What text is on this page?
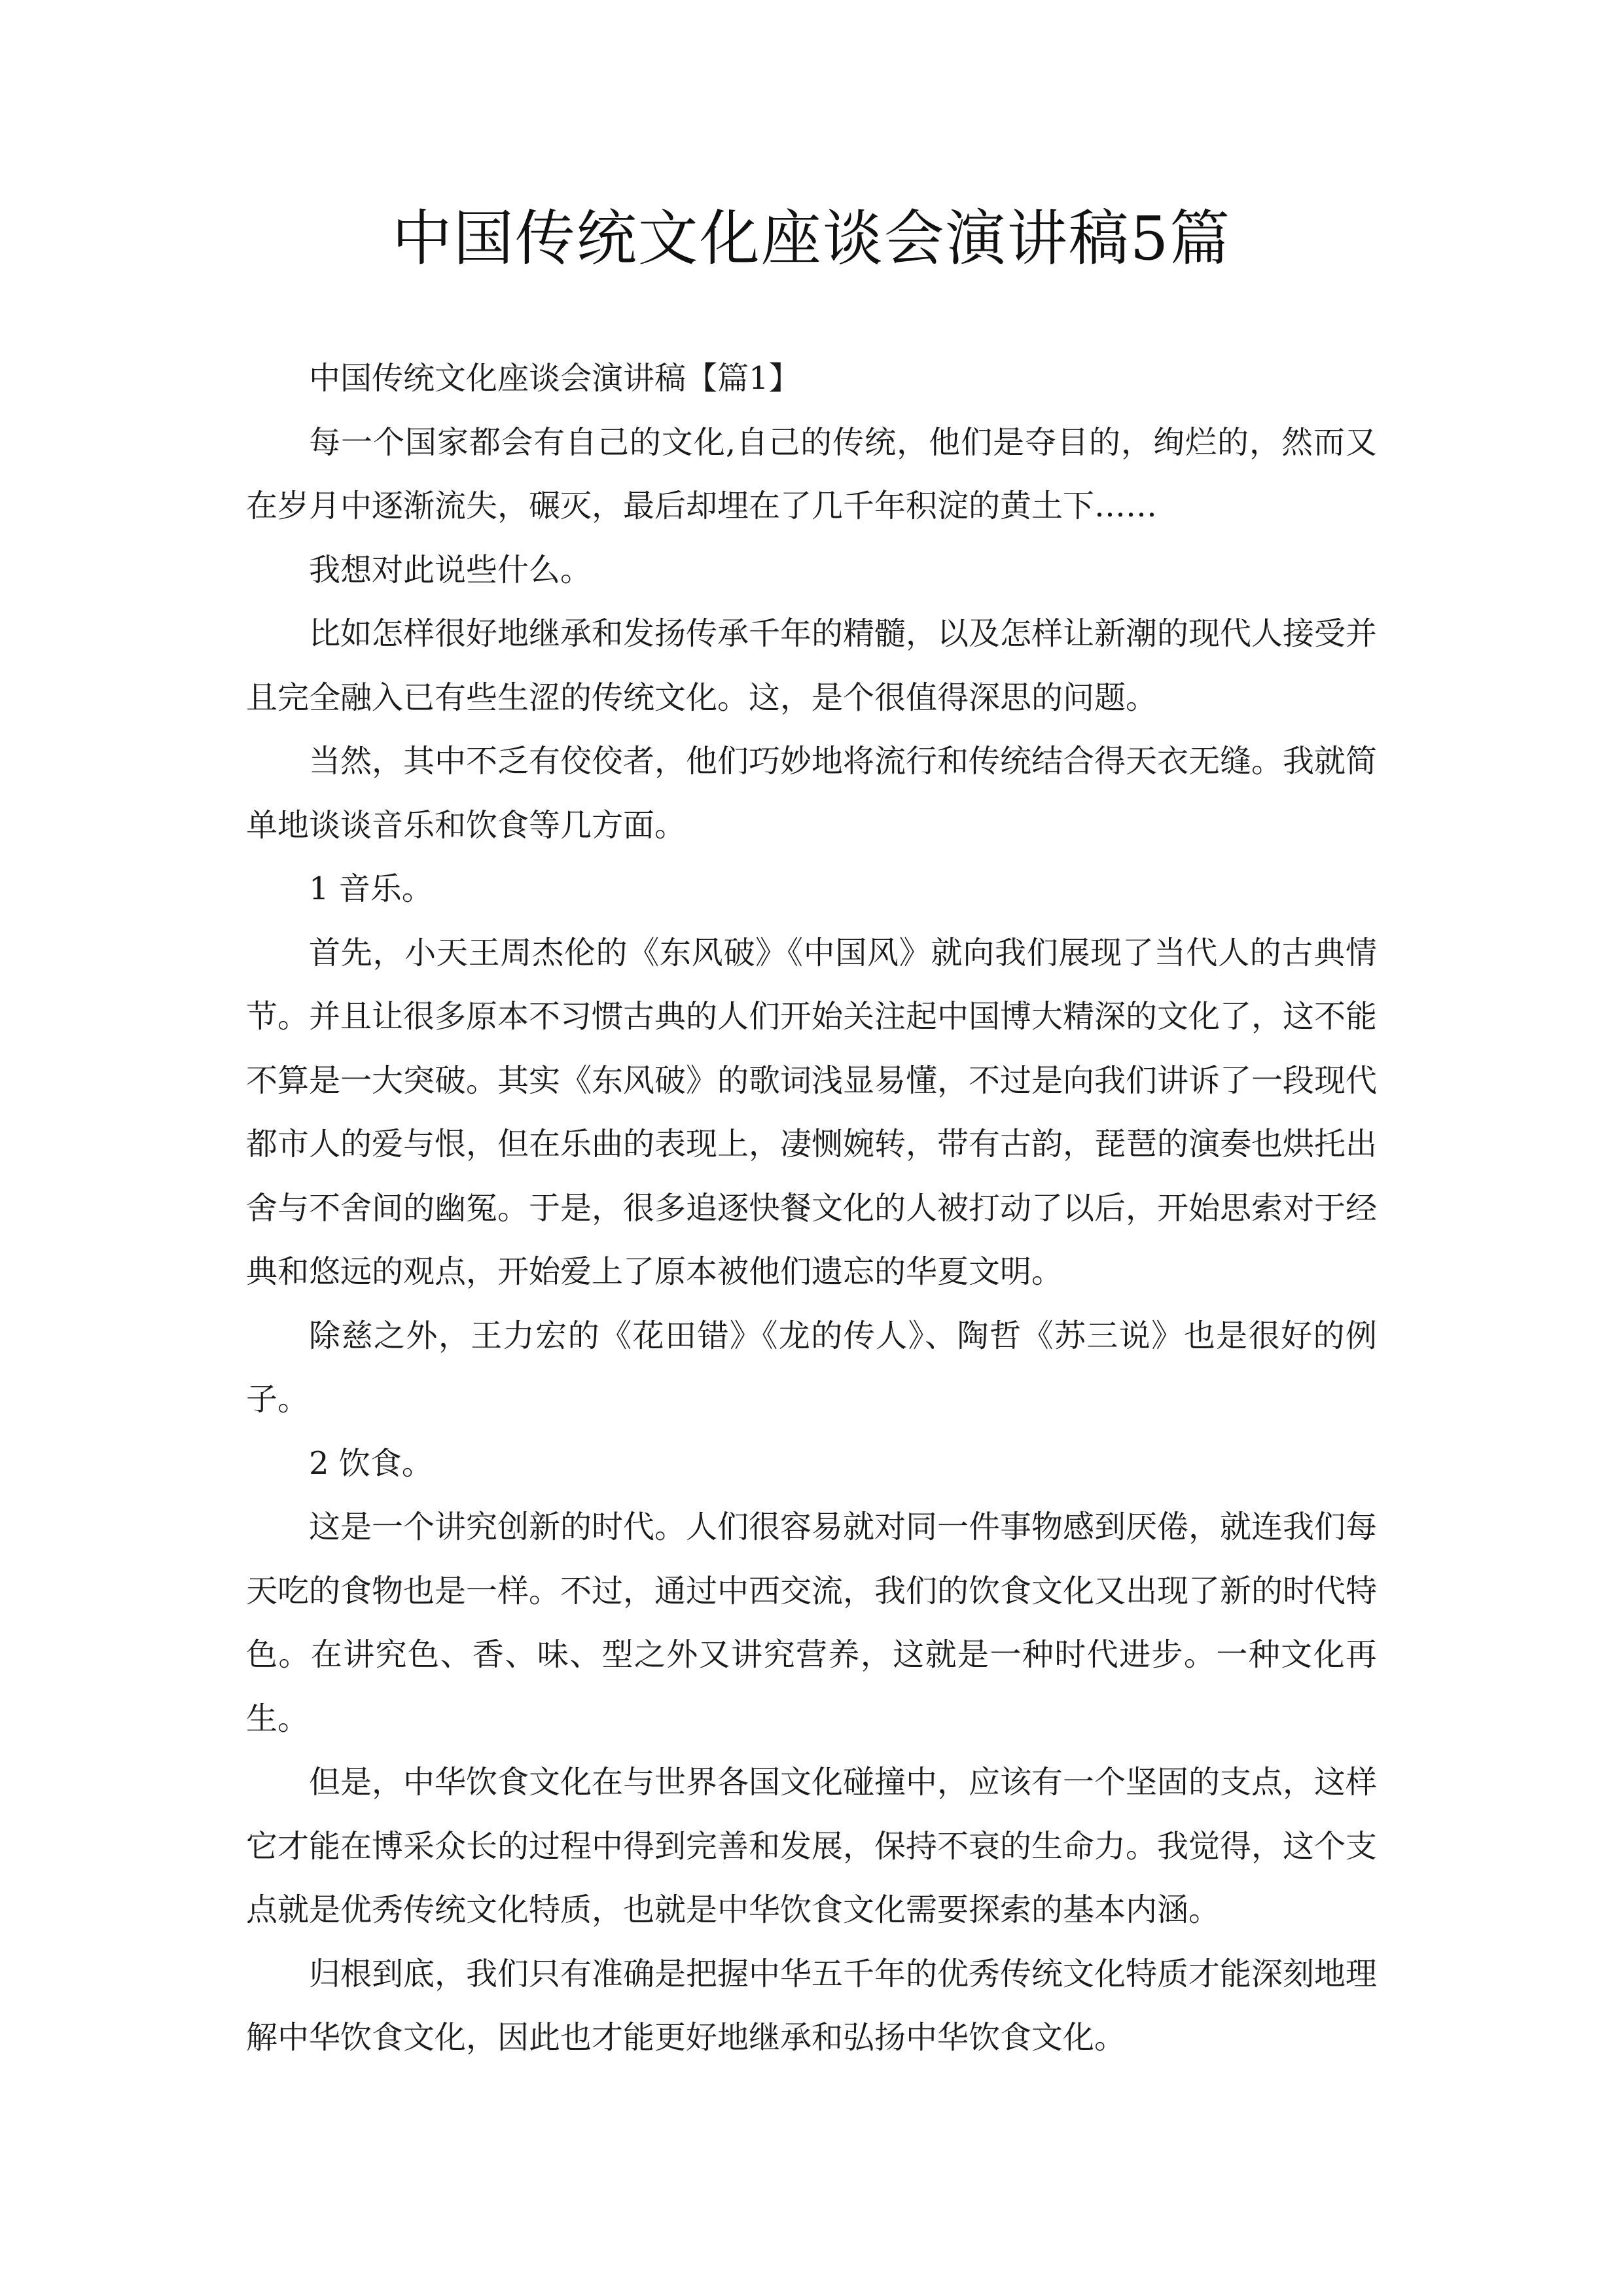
中国传统文化座谈会演讲稿5篇

中国传统文化座谈会演讲稿【篇1】

每一个国家都会有自己的文化,自己的传统，他们是夺目的，绚烂的，然而又在岁月中逐渐流失，碾灭，最后却埋在了几千年积淀的黄土下……

我想对此说些什么。

比如怎样很好地继承和发扬传承千年的精髓，以及怎样让新潮的现代人接受并且完全融入已有些生涩的传统文化。这，是个很值得深思的问题。

当然，其中不乏有佼佼者，他们巧妙地将流行和传统结合得天衣无缝。我就简单地谈谈音乐和饮食等几方面。

1 音乐。

首先，小天王周杰伦的《东风破》《中国风》就向我们展现了当代人的古典情节。并且让很多原本不习惯古典的人们开始关注起中国博大精深的文化了，这不能不算是一大突破。其实《东风破》的歌词浅显易懂，不过是向我们讲诉了一段现代都市人的爱与恨，但在乐曲的表现上，凄恻婉转，带有古韵，琵琶的演奏也烘托出舍与不舍间的幽冤。于是，很多追逐快餐文化的人被打动了以后，开始思索对于经典和悠远的观点，开始爱上了原本被他们遗忘的华夏文明。

除慈之外，王力宏的《花田错》《龙的传人》、陶哲《苏三说》也是很好的例子。

2 饮食。

这是一个讲究创新的时代。人们很容易就对同一件事物感到厌倦，就连我们每天吃的食物也是一样。不过，通过中西交流，我们的饮食文化又出现了新的时代特色。在讲究色、香、味、型之外又讲究营养，这就是一种时代进步。一种文化再生。

但是，中华饮食文化在与世界各国文化碰撞中，应该有一个坚固的支点，这样它才能在博采众长的过程中得到完善和发展，保持不衰的生命力。我觉得，这个支点就是优秀传统文化特质，也就是中华饮食文化需要探索的基本内涵。

归根到底，我们只有准确是把握中华五千年的优秀传统文化特质才能深刻地理解中华饮食文化，因此也才能更好地继承和弘扬中华饮食文化。
